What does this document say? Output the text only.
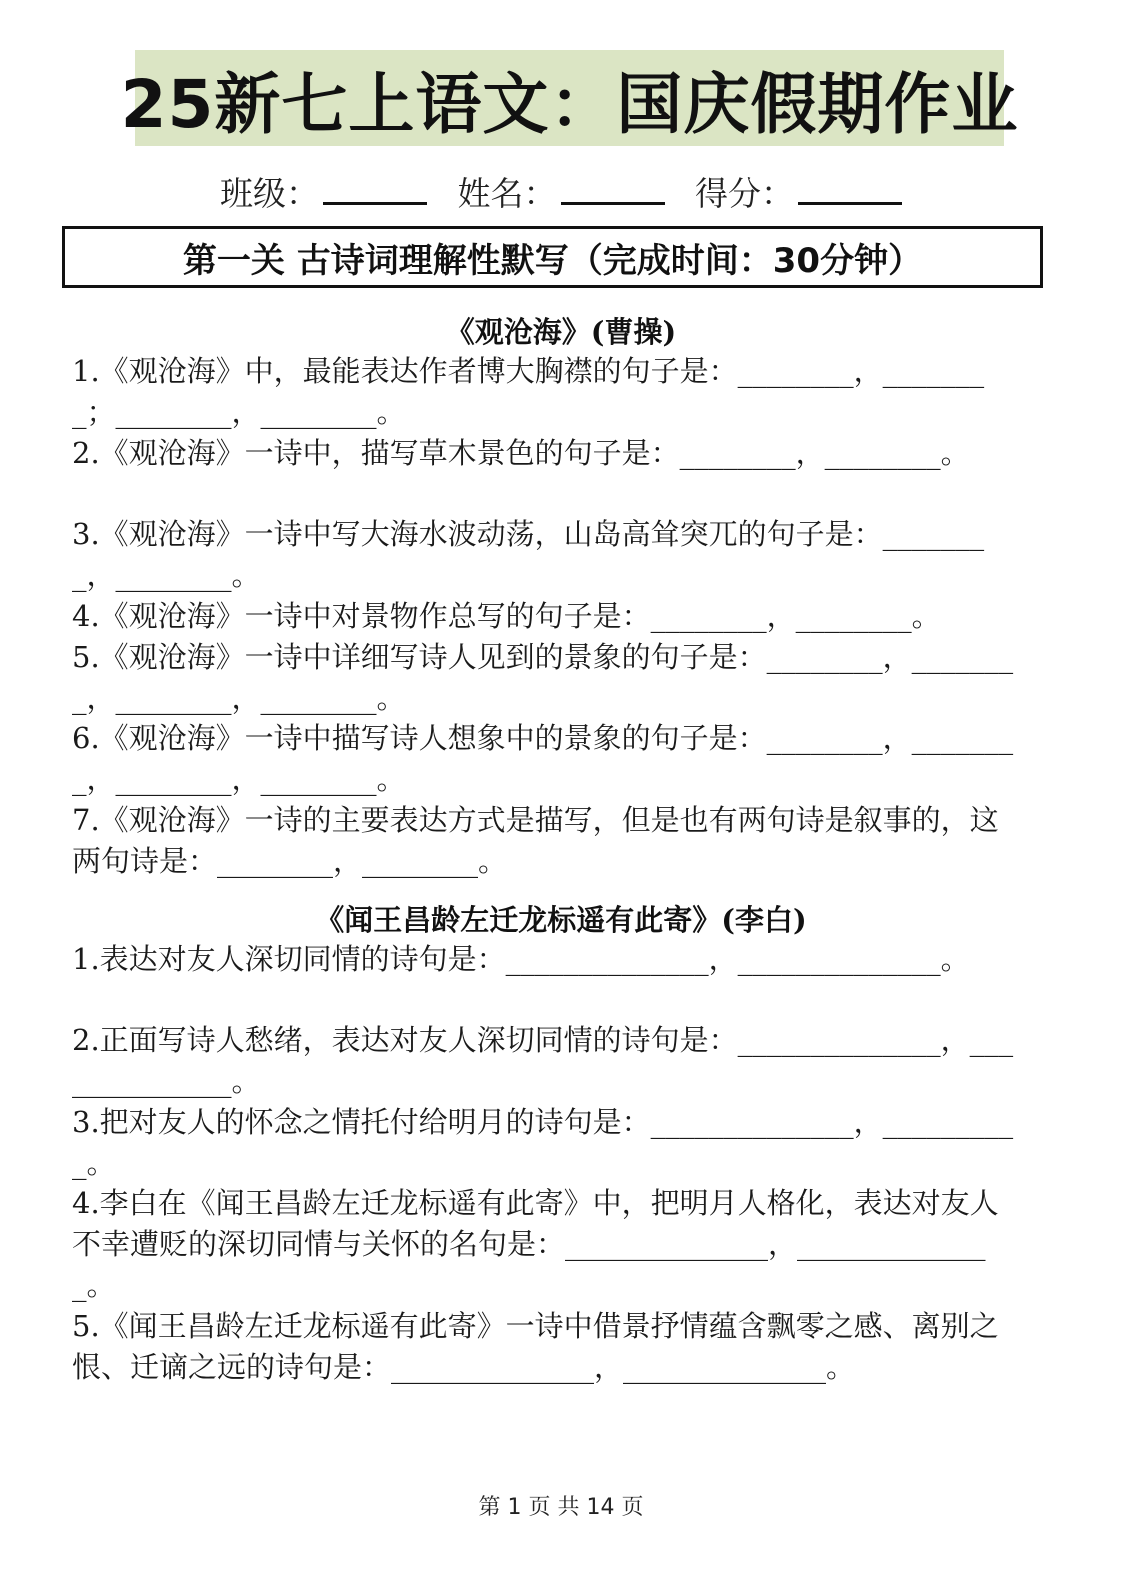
25新七上语文：国庆假期作业
班级：	姓名：	得分：
第一关 古诗词理解性默写（完成时间：30分钟）
《观沧海》(曹操)
1.《观沧海》中，最能表达作者博大胸襟的句子是：________，________；________，________。
2.《观沧海》一诗中，描写草木景色的句子是：________，________。
3.《观沧海》一诗中写大海水波动荡，山岛高耸突兀的句子是：________，________。
4.《观沧海》一诗中对景物作总写的句子是：________，________。
5.《观沧海》一诗中详细写诗人见到的景象的句子是：________，________，________，________。
6.《观沧海》一诗中描写诗人想象中的景象的句子是：________，________，________，________。
7.《观沧海》一诗的主要表达方式是描写，但是也有两句诗是叙事的，这两句诗是：________，________。
《闻王昌龄左迁龙标遥有此寄》(李白)
1.表达对友人深切同情的诗句是：______________，______________。
2.正面写诗人愁绪，表达对友人深切同情的诗句是：______________，______________。
3.把对友人的怀念之情托付给明月的诗句是：______________，__________。
4.李白在《闻王昌龄左迁龙标遥有此寄》中，把明月人格化，表达对友人不幸遭贬的深切同情与关怀的名句是：______________，______________。
5.《闻王昌龄左迁龙标遥有此寄》一诗中借景抒情蕴含飘零之感、离别之恨、迁谪之远的诗句是：______________，______________。
第 1 页 共 14 页
